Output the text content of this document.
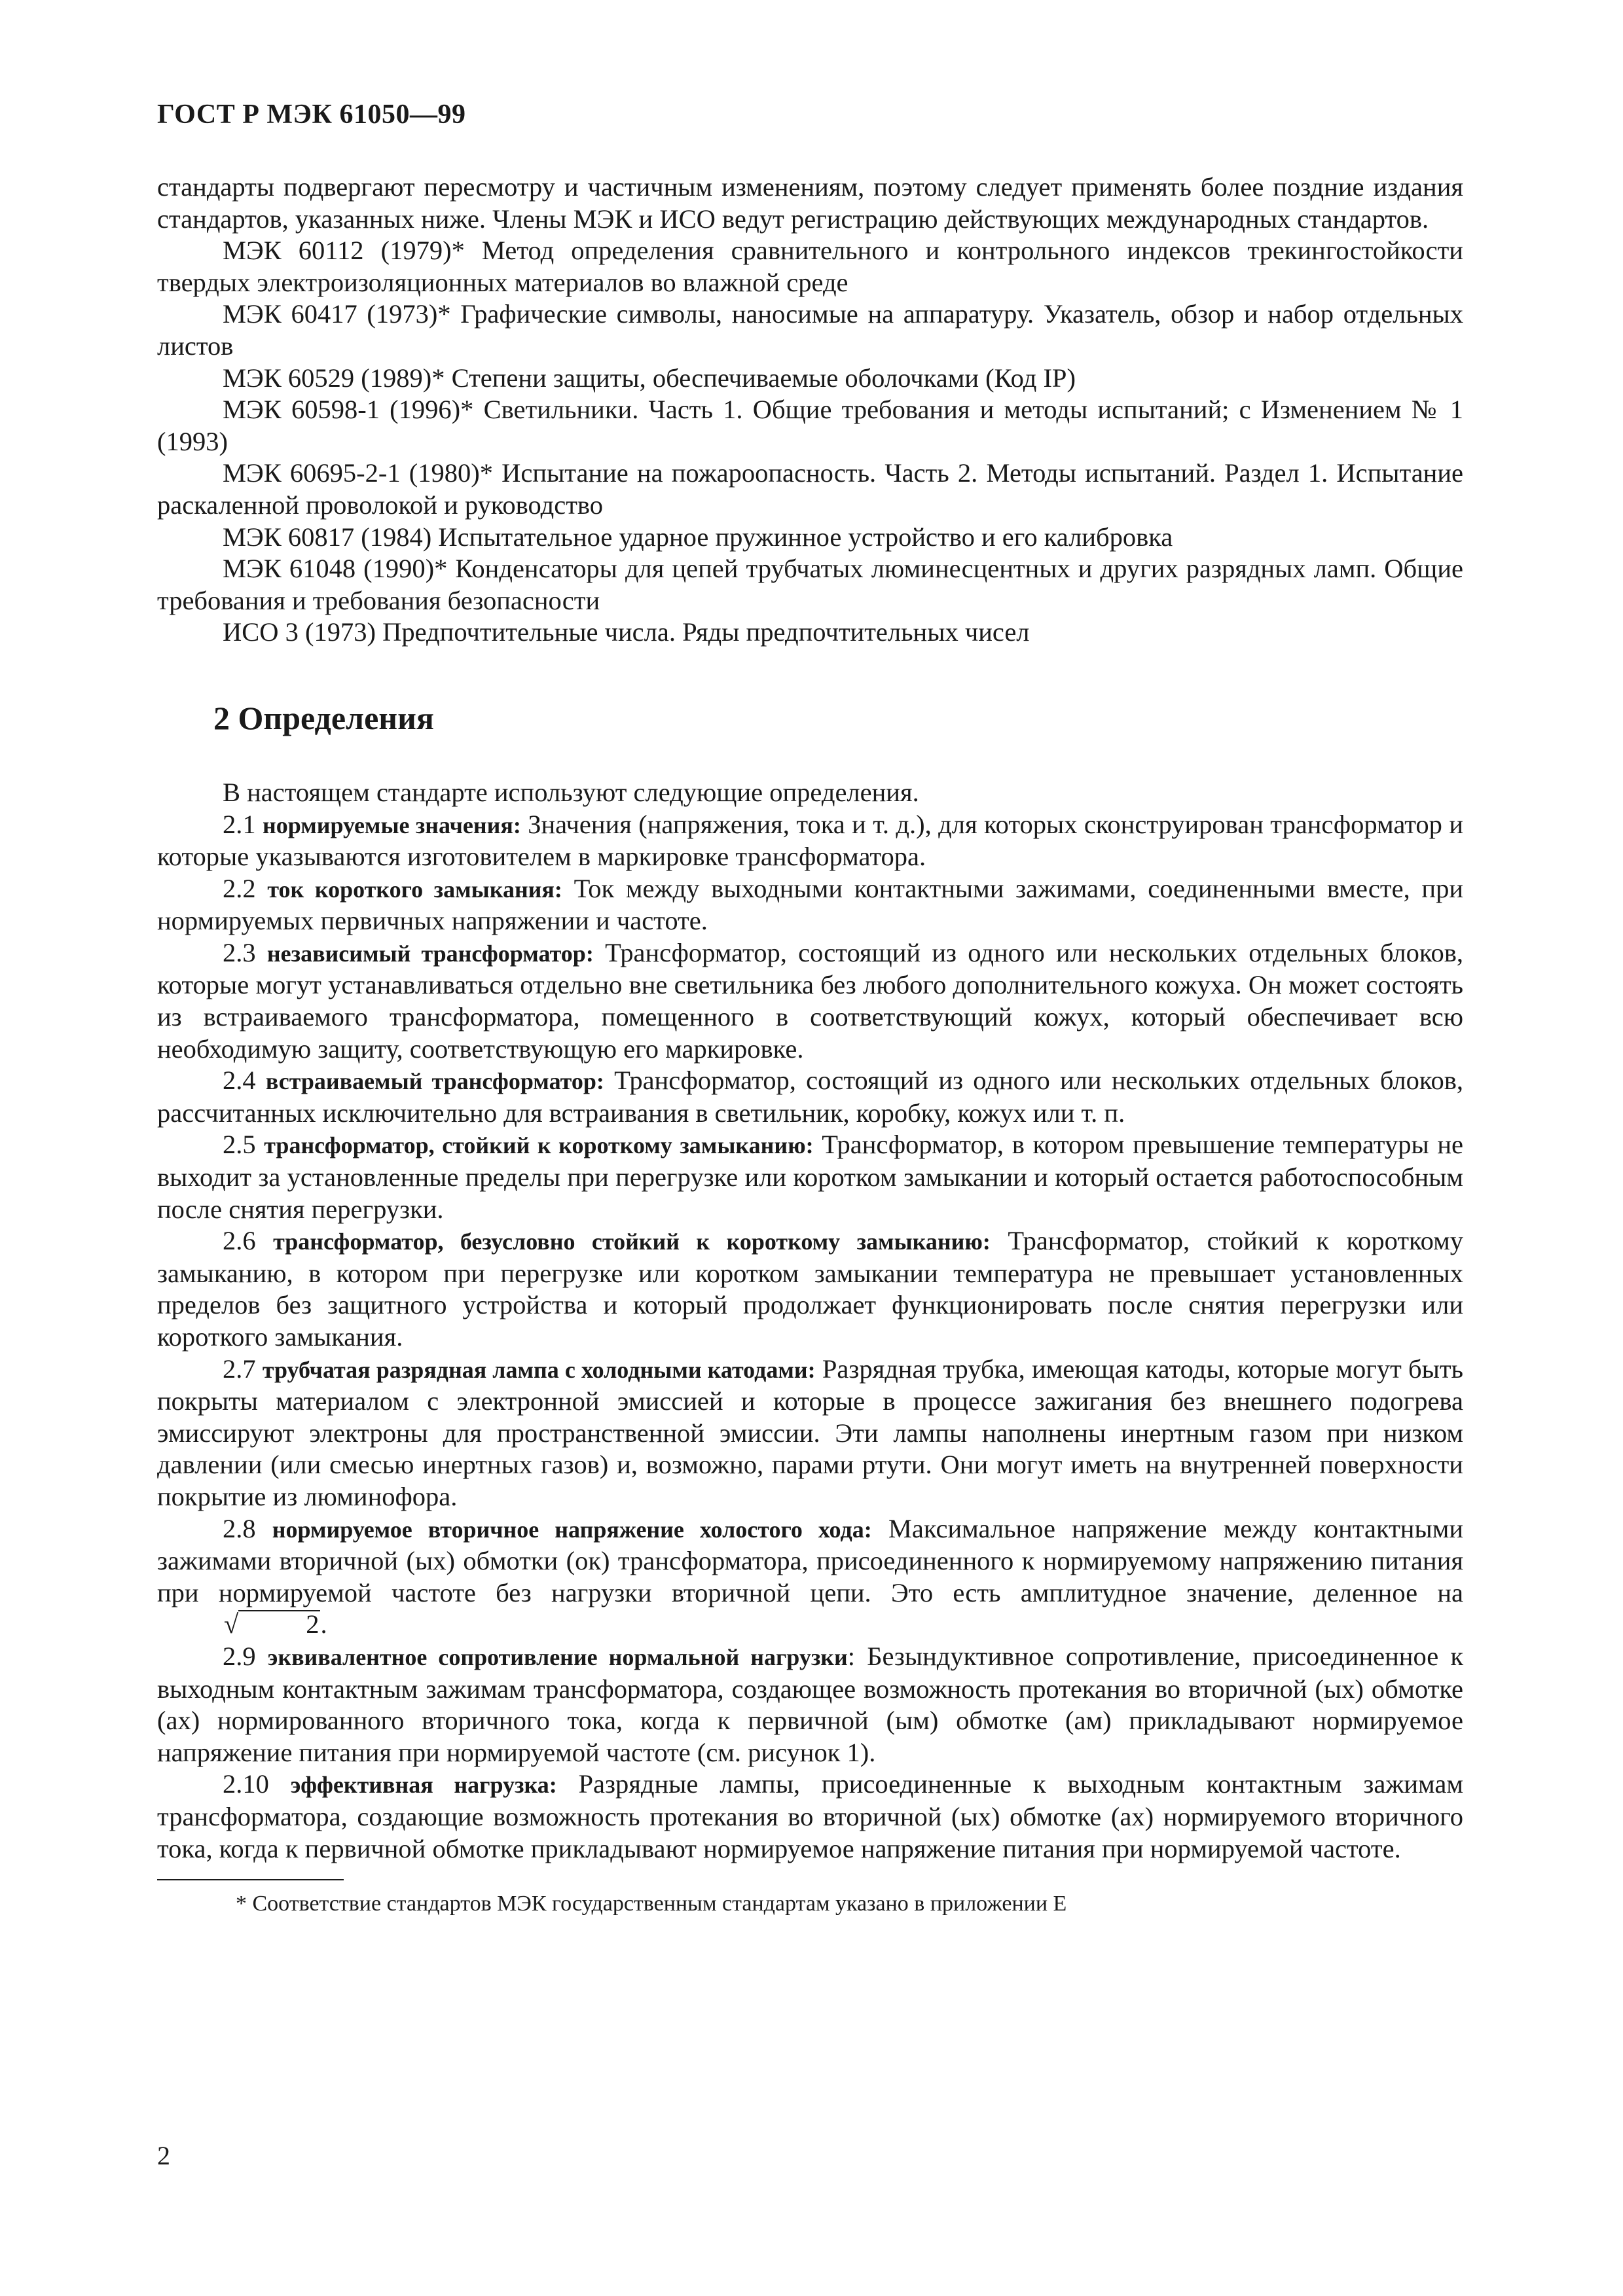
ГОСТ Р МЭК 61050—99

стандарты подвергают пересмотру и частичным изменениям, поэтому следует применять более поздние издания стандартов, указанных ниже. Члены МЭК и ИСО ведут регистрацию действующих международных стандартов.

МЭК 60112 (1979)* Метод определения сравнительного и контрольного индексов трекингостойкости твердых электроизоляционных материалов во влажной среде

МЭК 60417 (1973)* Графические символы, наносимые на аппаратуру. Указатель, обзор и набор отдельных листов

МЭК 60529 (1989)* Степени защиты, обеспечиваемые оболочками (Код IP)

МЭК 60598-1 (1996)* Светильники. Часть 1. Общие требования и методы испытаний; с Изменением № 1 (1993)

МЭК 60695-2-1 (1980)* Испытание на пожароопасность. Часть 2. Методы испытаний. Раздел 1. Испытание раскаленной проволокой и руководство

МЭК 60817 (1984) Испытательное ударное пружинное устройство и его калибровка

МЭК 61048 (1990)* Конденсаторы для цепей трубчатых люминесцентных и других разрядных ламп. Общие требования и требования безопасности

ИСО 3 (1973) Предпочтительные числа. Ряды предпочтительных чисел

2 Определения

В настоящем стандарте используют следующие определения.

2.1 нормируемые значения: Значения (напряжения, тока и т. д.), для которых сконструирован трансформатор и которые указываются изготовителем в маркировке трансформатора.

2.2 ток короткого замыкания: Ток между выходными контактными зажимами, соединенными вместе, при нормируемых первичных напряжении и частоте.

2.3 независимый трансформатор: Трансформатор, состоящий из одного или нескольких отдельных блоков, которые могут устанавливаться отдельно вне светильника без любого дополнительного кожуха. Он может состоять из встраиваемого трансформатора, помещенного в соответствующий кожух, который обеспечивает всю необходимую защиту, соответствующую его маркировке.

2.4 встраиваемый трансформатор: Трансформатор, состоящий из одного или нескольких отдельных блоков, рассчитанных исключительно для встраивания в светильник, коробку, кожух или т. п.

2.5 трансформатор, стойкий к короткому замыканию: Трансформатор, в котором превышение температуры не выходит за установленные пределы при перегрузке или коротком замыкании и который остается работоспособным после снятия перегрузки.

2.6 трансформатор, безусловно стойкий к короткому замыканию: Трансформатор, стойкий к короткому замыканию, в котором при перегрузке или коротком замыкании температура не превышает установленных пределов без защитного устройства и который продолжает функционировать после снятия перегрузки или короткого замыкания.

2.7 трубчатая разрядная лампа с холодными катодами: Разрядная трубка, имеющая катоды, которые могут быть покрыты материалом с электронной эмиссией и которые в процессе зажигания без внешнего подогрева эмиссируют электроны для пространственной эмиссии. Эти лампы наполнены инертным газом при низком давлении (или смесью инертных газов) и, возможно, парами ртути. Они могут иметь на внутренней поверхности покрытие из люминофора.

2.8 нормируемое вторичное напряжение холостого хода: Максимальное напряжение между контактными зажимами вторичной (ых) обмотки (ок) трансформатора, присоединенного к нормируемому напряжению питания при нормируемой частоте без нагрузки вторичной цепи. Это есть амплитудное значение, деленное на √	2.

2.9 эквивалентное сопротивление нормальной нагрузки: Безындуктивное сопротивление, присоединенное к выходным контактным зажимам трансформатора, создающее возможность протекания во вторичной (ых) обмотке (ах) нормированного вторичного тока, когда к первичной (ым) обмотке (ам) прикладывают нормируемое напряжение питания при нормируемой частоте (см. рисунок 1).

2.10 эффективная нагрузка: Разрядные лампы, присоединенные к выходным контактным зажимам трансформатора, создающие возможность протекания во вторичной (ых) обмотке (ах) нормируемого вторичного тока, когда к первичной обмотке прикладывают нормируемое напряжение питания при нормируемой частоте.

* Соответствие стандартов МЭК государственным стандартам указано в приложении Е
2
